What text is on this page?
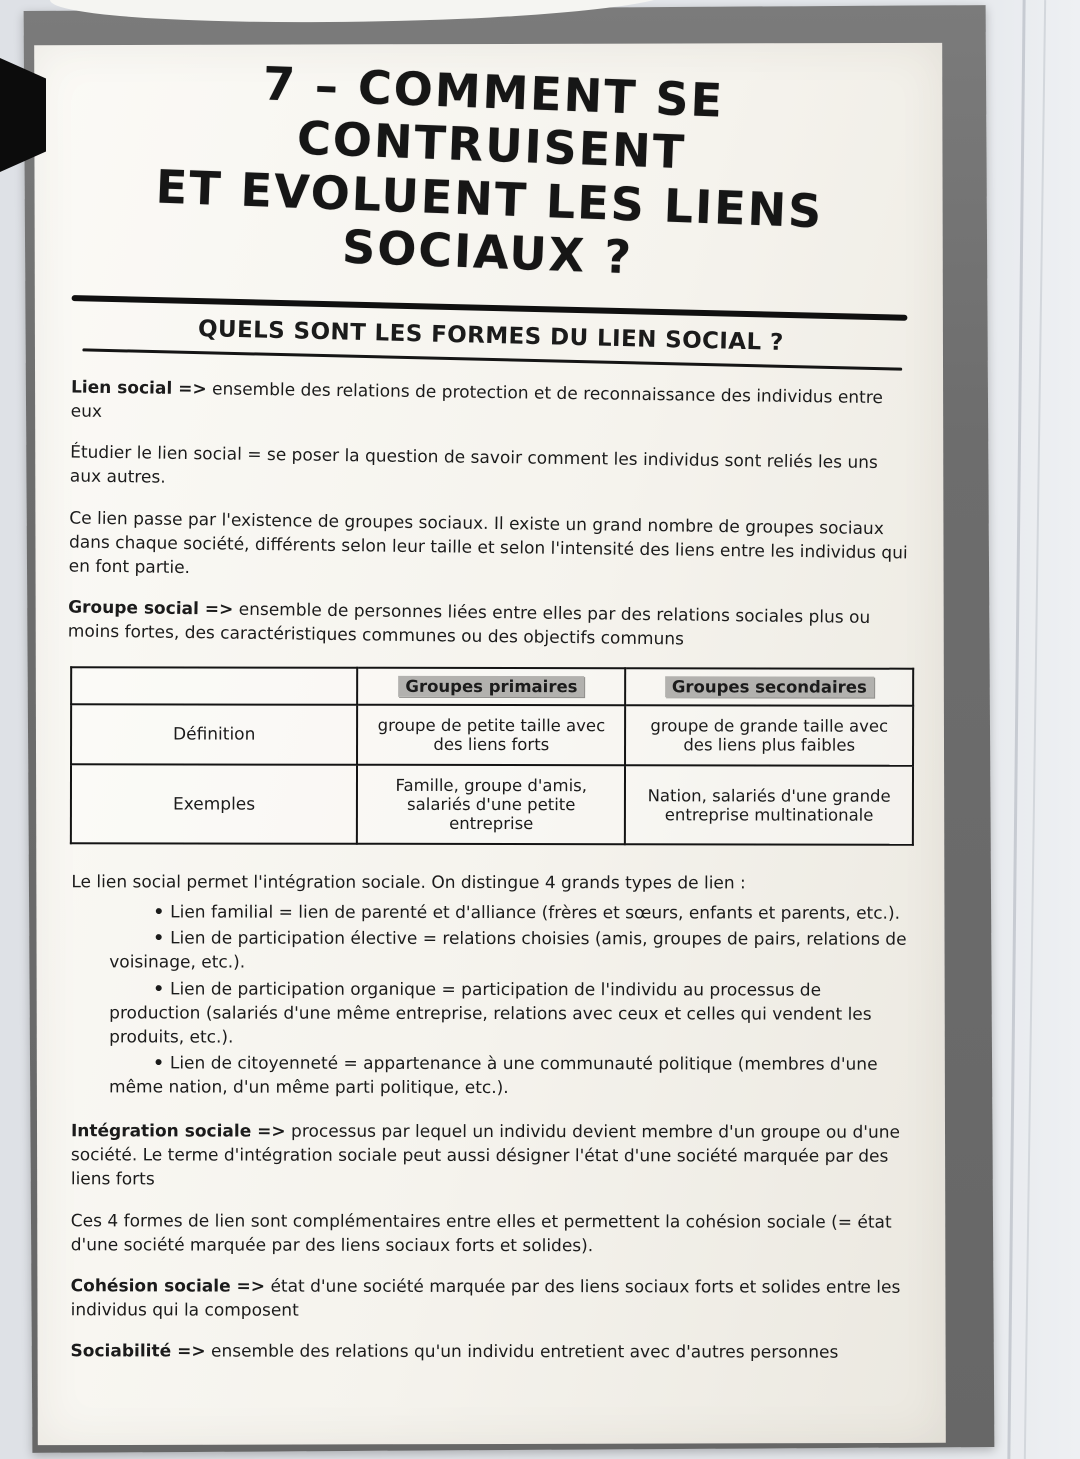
7 – COMMENT SE CONTRUISENT
ET EVOLUENT LES LIENS
SOCIAUX ?
QUELS SONT LES FORMES DU LIEN SOCIAL ?

Lien social => ensemble des relations de protection et de reconnaissance des individus entre eux

Étudier le lien social = se poser la question de savoir comment les individus sont reliés les uns aux autres.

Ce lien passe par l'existence de groupes sociaux. Il existe un grand nombre de groupes sociaux dans chaque société, différents selon leur taille et selon l'intensité des liens entre les individus qui en font partie.

Groupe social => ensemble de personnes liées entre elles par des relations sociales plus ou moins fortes, des caractéristiques communes ou des objectifs communs

	Groupes primaires	Groupes secondaires
Définition	groupe de petite taille avec des liens forts	groupe de grande taille avec des liens plus faibles
Exemples	Famille, groupe d'amis, salariés d'une petite entreprise	Nation, salariés d'une grande entreprise multinationale

Le lien social permet l'intégration sociale. On distingue 4 grands types de lien :

• Lien familial = lien de parenté et d'alliance (frères et sœurs, enfants et parents, etc.).
• Lien de participation élective = relations choisies (amis, groupes de pairs, relations de voisinage, etc.).
• Lien de participation organique = participation de l'individu au processus de production (salariés d'une même entreprise, relations avec ceux et celles qui vendent les produits, etc.).
• Lien de citoyenneté = appartenance à une communauté politique (membres d'une même nation, d'un même parti politique, etc.).

Intégration sociale => processus par lequel un individu devient membre d'un groupe ou d'une société. Le terme d'intégration sociale peut aussi désigner l'état d'une société marquée par des liens forts

Ces 4 formes de lien sont complémentaires entre elles et permettent la cohésion sociale (= état d'une société marquée par des liens sociaux forts et solides).

Cohésion sociale => état d'une société marquée par des liens sociaux forts et solides entre les individus qui la composent

Sociabilité => ensemble des relations qu'un individu entretient avec d'autres personnes
